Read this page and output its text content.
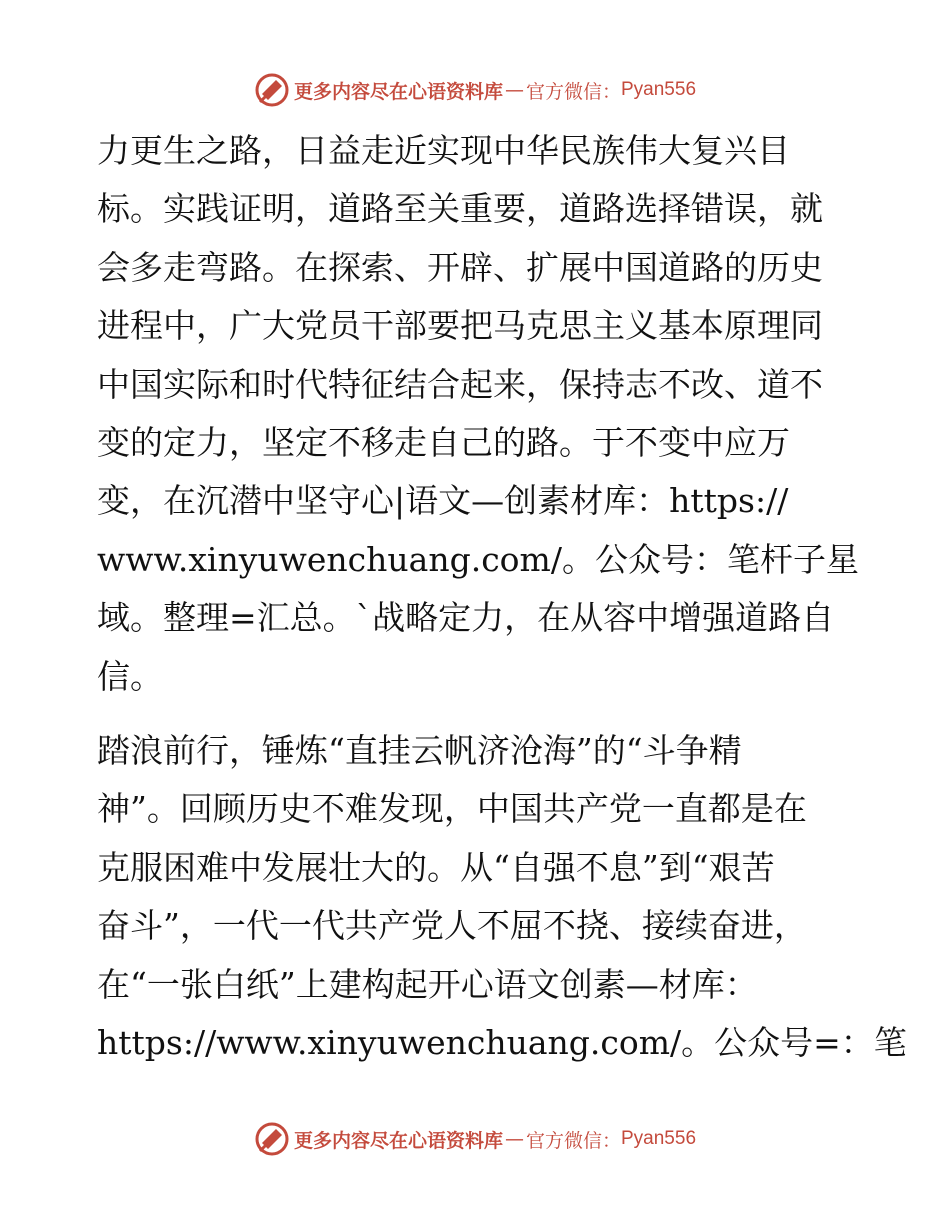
更多内容尽在心语资料库 — 官方微信： Pyan556

力更生之路，日益走近实现中华民族伟大复兴目
标。实践证明，道路至关重要，道路选择错误，就
会多走弯路。在探索、开辟、扩展中国道路的历史
进程中，广大党员干部要把马克思主义基本原理同
中国实际和时代特征结合起来，保持志不改、道不
变的定力，坚定不移走自己的路。于不变中应万
变，在沉潜中坚守心|语文—创素材库：https://
www.xinyuwenchuang.com/。公众号：笔杆子星
域。整理=汇总。`战略定力，在从容中增强道路自
信。

踏浪前行，锤炼“直挂云帆济沧海”的“斗争精
神”。回顾历史不难发现，中国共产党一直都是在
克服困难中发展壮大的。从“自强不息”到“艰苦
奋斗”，一代一代共产党人不屈不挠、接续奋进，
在“一张白纸”上建构起开心语文创素—材库：
https://www.xinyuwenchuang.com/。公众号=：笔

更多内容尽在心语资料库 — 官方微信： Pyan556
